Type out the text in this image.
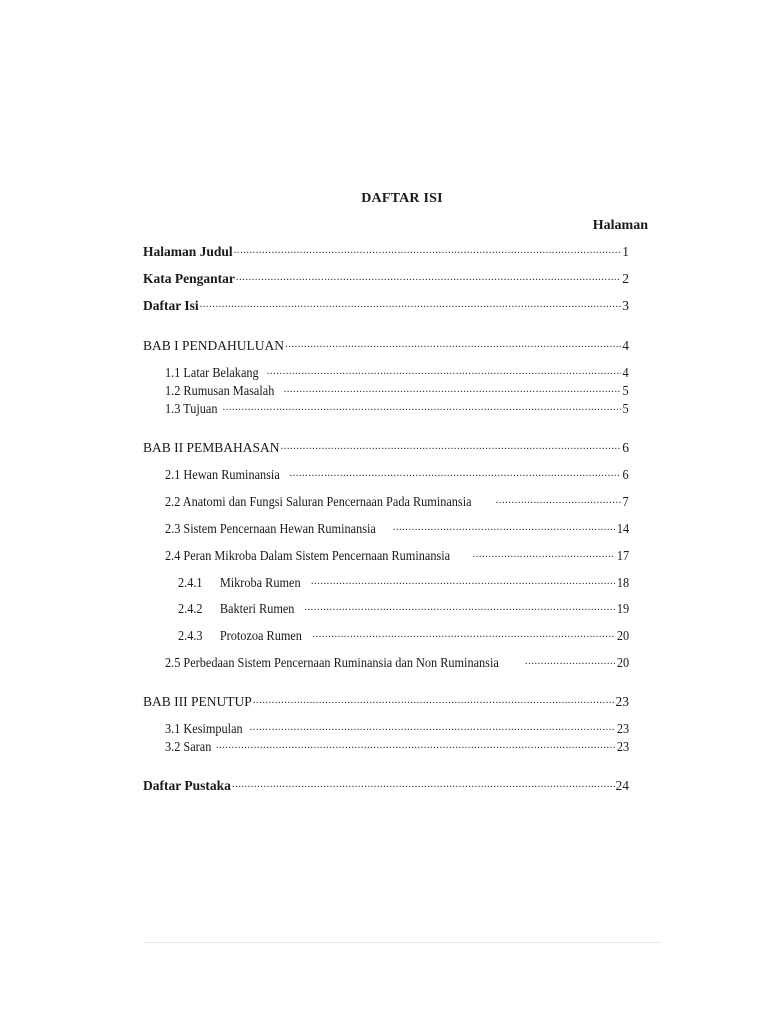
DAFTAR ISI
Halaman
Halaman Judul .....	1
Kata Pengantar .....	2
Daftar Isi .....	3
BAB I PENDAHULUAN .....	4
1.1 Latar Belakang .....	4
1.2 Rumusan Masalah .....	5
1.3 Tujuan .....	5
BAB II PEMBAHASAN .....	6
2.1 Hewan Ruminansia .....	6
2.2 Anatomi dan Fungsi Saluran Pencernaan Pada Ruminansia .....	7
2.3 Sistem Pencernaan Hewan Ruminansia .....	14
2.4 Peran Mikroba Dalam Sistem Pencernaan Ruminansia .....	17
2.4.1 Mikroba Rumen .....	18
2.4.2 Bakteri Rumen .....	19
2.4.3 Protozoa Rumen .....	20
2.5 Perbedaan Sistem Pencernaan Ruminansia dan Non Ruminansia .....	20
BAB III PENUTUP .....	23
3.1 Kesimpulan .....	23
3.2 Saran .....	23
Daftar Pustaka .....	24
